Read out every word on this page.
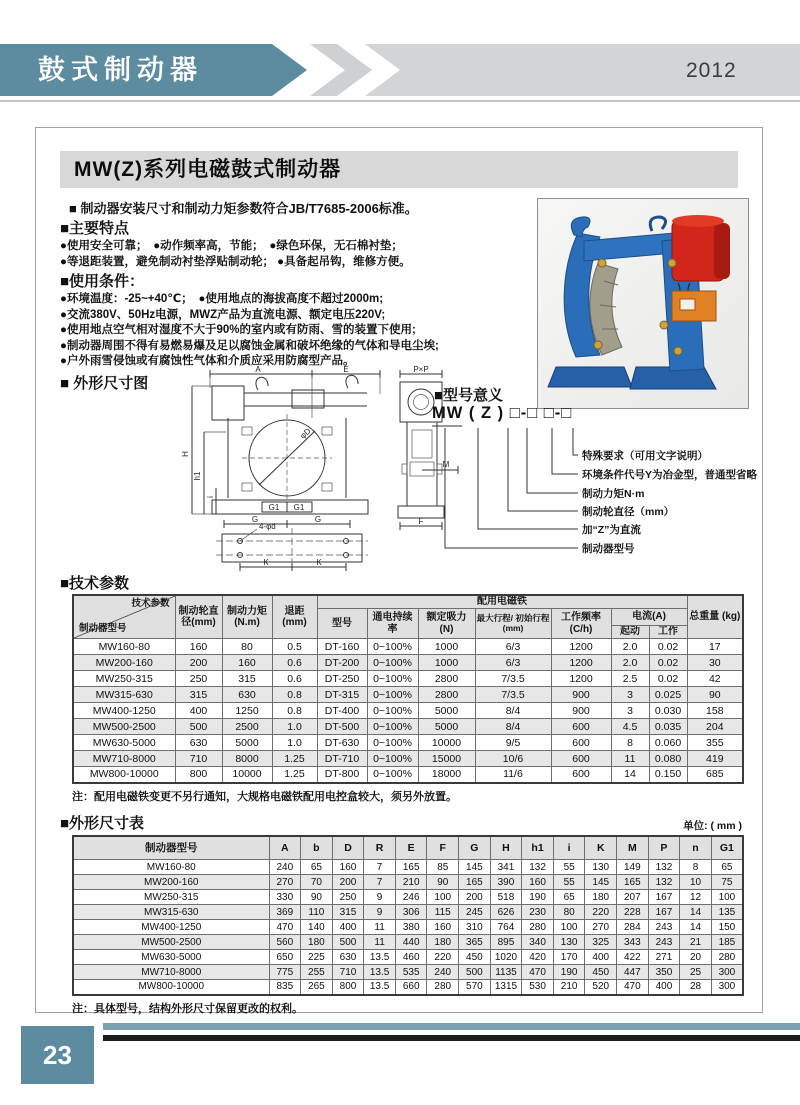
鼓式制动器	2012
MW(Z)系列电磁鼓式制动器
■ 制动器安装尺寸和制动力矩参数符合JB/T7685-2006标准。
■主要特点
●使用安全可靠；　●动作频率高，节能；　●绿色环保，无石棉衬垫；
●等退距装置，避免制动衬垫浮贴制动轮； ●具备起吊钩，维修方便。
■使用条件：
●环境温度：-25~+40℃；　●使用地点的海拔高度不超过2000m;
●交流380V、50Hz电源，MWZ产品为直流电源、额定电压220V;
●使用地点空气相对湿度不大于90%的室内或有防雨、雪的装置下使用;
●制动器周围不得有易燃易爆及足以腐蚀金属和破坏绝缘的气体和导电尘埃;
●户外雨雪侵蚀或有腐蚀性气体和介质应采用防腐型产品。
■ 外形尺寸图
A	E
φD
G1 G1
G	G
H
h1
i
P×P
M
F
4-φd
K	K
■型号意义
MW ( Z ) □-□ □-□
特殊要求（可用文字说明）
环境条件代号Y为冶金型，普通型省略
制动力矩N·m
制动轮直径（mm）
加“Z”为直流
制动器型号
■技术参数
技术参数
制动器型号	制动轮直径(mm)	制动力矩 (N.m)	退距 (mm)	配用电磁铁							总重量 (kg)
				型号	通电持续率	额定吸力 (N)	最大行程/ 初始行程 (mm)	工作频率 (C/h)	电流(A)		
									起动	工作	
MW160-80	160	80	0.5	DT-160	0~100%	1000	6/3	1200	2.0	0.02	17
MW200-160	200	160	0.6	DT-200	0~100%	1000	6/3	1200	2.0	0.02	30
MW250-315	250	315	0.6	DT-250	0~100%	2800	7/3.5	1200	2.5	0.02	42
MW315-630	315	630	0.8	DT-315	0~100%	2800	7/3.5	900	3	0.025	90
MW400-1250	400	1250	0.8	DT-400	0~100%	5000	8/4	900	3	0.030	158
MW500-2500	500	2500	1.0	DT-500	0~100%	5000	8/4	600	4.5	0.035	204
MW630-5000	630	5000	1.0	DT-630	0~100%	10000	9/5	600	8	0.060	355
MW710-8000	710	8000	1.25	DT-710	0~100%	15000	10/6	600	11	0.080	419
MW800-10000	800	10000	1.25	DT-800	0~100%	18000	11/6	600	14	0.150	685
注：配用电磁铁变更不另行通知，大规格电磁铁配用电控盒较大，须另外放置。
■外形尺寸表	单位: ( mm )
制动器型号	A	b	D	R	E	F	G	H	h1	i	K	M	P	n	G1
MW160-80	240	65	160	7	165	85	145	341	132	55	130	149	132	8	65
MW200-160	270	70	200	7	210	90	165	390	160	55	145	165	132	10	75
MW250-315	330	90	250	9	246	100	200	518	190	65	180	207	167	12	100
MW315-630	369	110	315	9	306	115	245	626	230	80	220	228	167	14	135
MW400-1250	470	140	400	11	380	160	310	764	280	100	270	284	243	14	150
MW500-2500	560	180	500	11	440	180	365	895	340	130	325	343	243	21	185
MW630-5000	650	225	630	13.5	460	220	450	1020	420	170	400	422	271	20	280
MW710-8000	775	255	710	13.5	535	240	500	1135	470	190	450	447	350	25	300
MW800-10000	835	265	800	13.5	660	280	570	1315	530	210	520	470	400	28	300
注：具体型号，结构外形尺寸保留更改的权利。
23
